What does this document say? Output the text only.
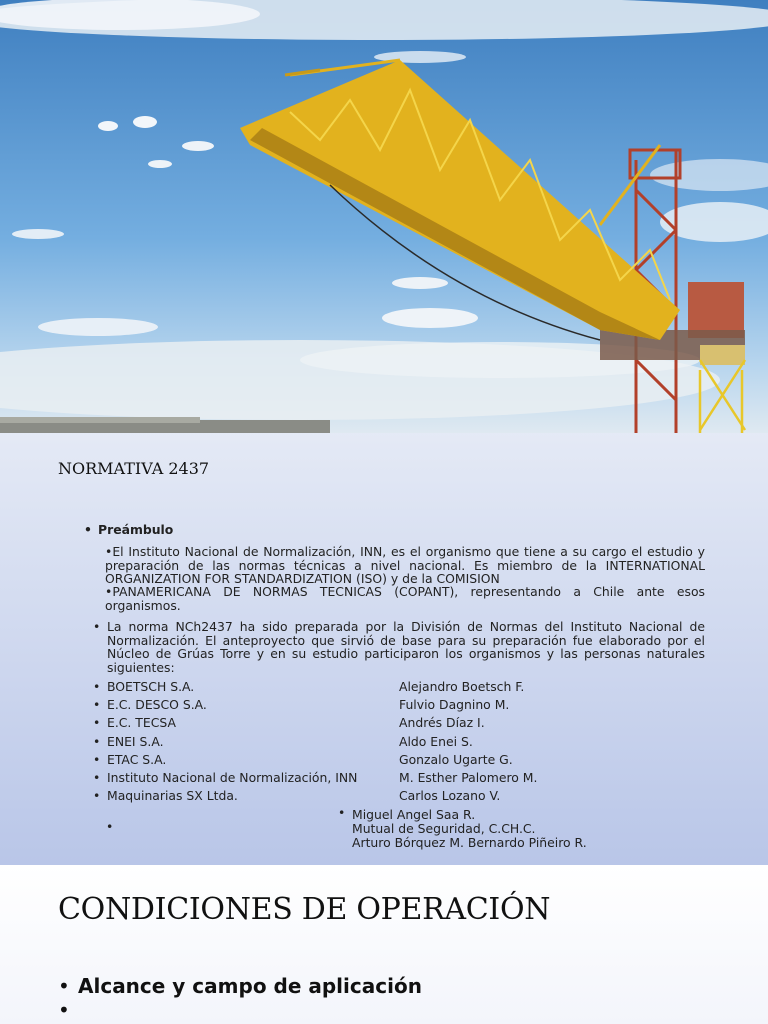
NORMATIVA 2437
• Preámbulo
•El Instituto Nacional de Normalización, INN, es el organismo que tiene a su cargo el estudio y preparación de las normas técnicas a nivel nacional. Es miembro de la INTERNATIONAL ORGANIZATION FOR STANDARDIZATION (ISO) y de la COMISION
•PANAMERICANA DE NORMAS TECNICAS (COPANT), representando a Chile ante esos organismos.
• La norma NCh2437 ha sido preparada por la División de Normas del Instituto Nacional de Normalización. El anteproyecto que sirvió de base para su preparación fue elaborado por el Núcleo de Grúas Torre y en su estudio participaron los organismos y las personas naturales siguientes:
• BOETSCH S.A.
• E.C. DESCO S.A.
• E.C. TECSA
• ENEI S.A.
• ETAC S.A.
• Instituto Nacional de Normalización, INN
• Maquinarias SX Ltda.
Alejandro Boetsch F.
Fulvio Dagnino M.
Andrés Díaz I.
Aldo Enei S.
Gonzalo Ugarte G.
M. Esther Palomero M.
Carlos Lozano V.
•
•
Miguel Angel Saa R.
Mutual de Seguridad, C.CH.C.
Arturo Bórquez M. Bernardo Piñeiro R.
CONDICIONES DE OPERACIÓN
• Alcance y campo de aplicación
•
